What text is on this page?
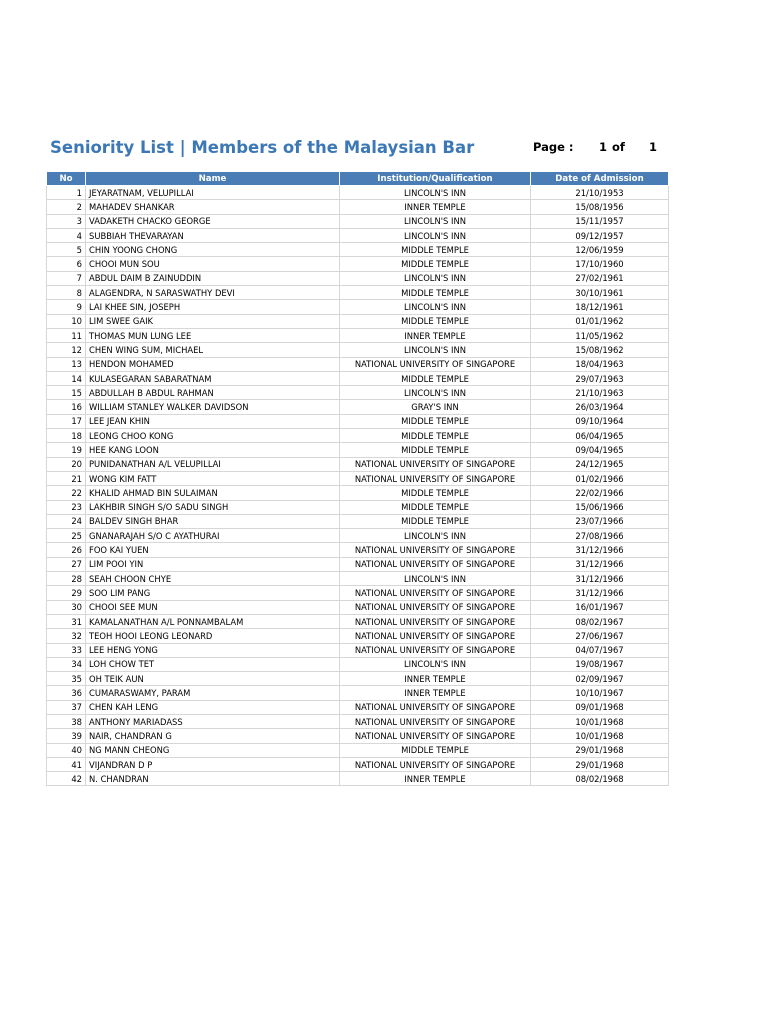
Seniority List | Members of the Malaysian Bar	Page : 1 of 1
No	Name	Institution/Qualification	Date of Admission
1	JEYARATNAM, VELUPILLAI	LINCOLN'S INN	21/10/1953
2	MAHADEV SHANKAR	INNER TEMPLE	15/08/1956
3	VADAKETH CHACKO GEORGE	LINCOLN'S INN	15/11/1957
4	SUBBIAH THEVARAYAN	LINCOLN'S INN	09/12/1957
5	CHIN YOONG CHONG	MIDDLE TEMPLE	12/06/1959
6	CHOOI MUN SOU	MIDDLE TEMPLE	17/10/1960
7	ABDUL DAIM B ZAINUDDIN	LINCOLN'S INN	27/02/1961
8	ALAGENDRA, N SARASWATHY DEVI	MIDDLE TEMPLE	30/10/1961
9	LAI KHEE SIN, JOSEPH	LINCOLN'S INN	18/12/1961
10	LIM SWEE GAIK	MIDDLE TEMPLE	01/01/1962
11	THOMAS MUN LUNG LEE	INNER TEMPLE	11/05/1962
12	CHEN WING SUM, MICHAEL	LINCOLN'S INN	15/08/1962
13	HENDON MOHAMED	NATIONAL UNIVERSITY OF SINGAPORE	18/04/1963
14	KULASEGARAN SABARATNAM	MIDDLE TEMPLE	29/07/1963
15	ABDULLAH B ABDUL RAHMAN	LINCOLN'S INN	21/10/1963
16	WILLIAM STANLEY WALKER DAVIDSON	GRAY'S INN	26/03/1964
17	LEE JEAN KHIN	MIDDLE TEMPLE	09/10/1964
18	LEONG CHOO KONG	MIDDLE TEMPLE	06/04/1965
19	HEE KANG LOON	MIDDLE TEMPLE	09/04/1965
20	PUNIDANATHAN A/L VELUPILLAI	NATIONAL UNIVERSITY OF SINGAPORE	24/12/1965
21	WONG KIM FATT	NATIONAL UNIVERSITY OF SINGAPORE	01/02/1966
22	KHALID AHMAD BIN SULAIMAN	MIDDLE TEMPLE	22/02/1966
23	LAKHBIR SINGH S/O SADU SINGH	MIDDLE TEMPLE	15/06/1966
24	BALDEV SINGH BHAR	MIDDLE TEMPLE	23/07/1966
25	GNANARAJAH S/O C AYATHURAI	LINCOLN'S INN	27/08/1966
26	FOO KAI YUEN	NATIONAL UNIVERSITY OF SINGAPORE	31/12/1966
27	LIM POOI YIN	NATIONAL UNIVERSITY OF SINGAPORE	31/12/1966
28	SEAH CHOON CHYE	LINCOLN'S INN	31/12/1966
29	SOO LIM PANG	NATIONAL UNIVERSITY OF SINGAPORE	31/12/1966
30	CHOOI SEE MUN	NATIONAL UNIVERSITY OF SINGAPORE	16/01/1967
31	KAMALANATHAN A/L PONNAMBALAM	NATIONAL UNIVERSITY OF SINGAPORE	08/02/1967
32	TEOH HOOI LEONG LEONARD	NATIONAL UNIVERSITY OF SINGAPORE	27/06/1967
33	LEE HENG YONG	NATIONAL UNIVERSITY OF SINGAPORE	04/07/1967
34	LOH CHOW TET	LINCOLN'S INN	19/08/1967
35	OH TEIK AUN	INNER TEMPLE	02/09/1967
36	CUMARASWAMY, PARAM	INNER TEMPLE	10/10/1967
37	CHEN KAH LENG	NATIONAL UNIVERSITY OF SINGAPORE	09/01/1968
38	ANTHONY MARIADASS	NATIONAL UNIVERSITY OF SINGAPORE	10/01/1968
39	NAIR, CHANDRAN G	NATIONAL UNIVERSITY OF SINGAPORE	10/01/1968
40	NG MANN CHEONG	MIDDLE TEMPLE	29/01/1968
41	VIJANDRAN D P	NATIONAL UNIVERSITY OF SINGAPORE	29/01/1968
42	N. CHANDRAN	INNER TEMPLE	08/02/1968
